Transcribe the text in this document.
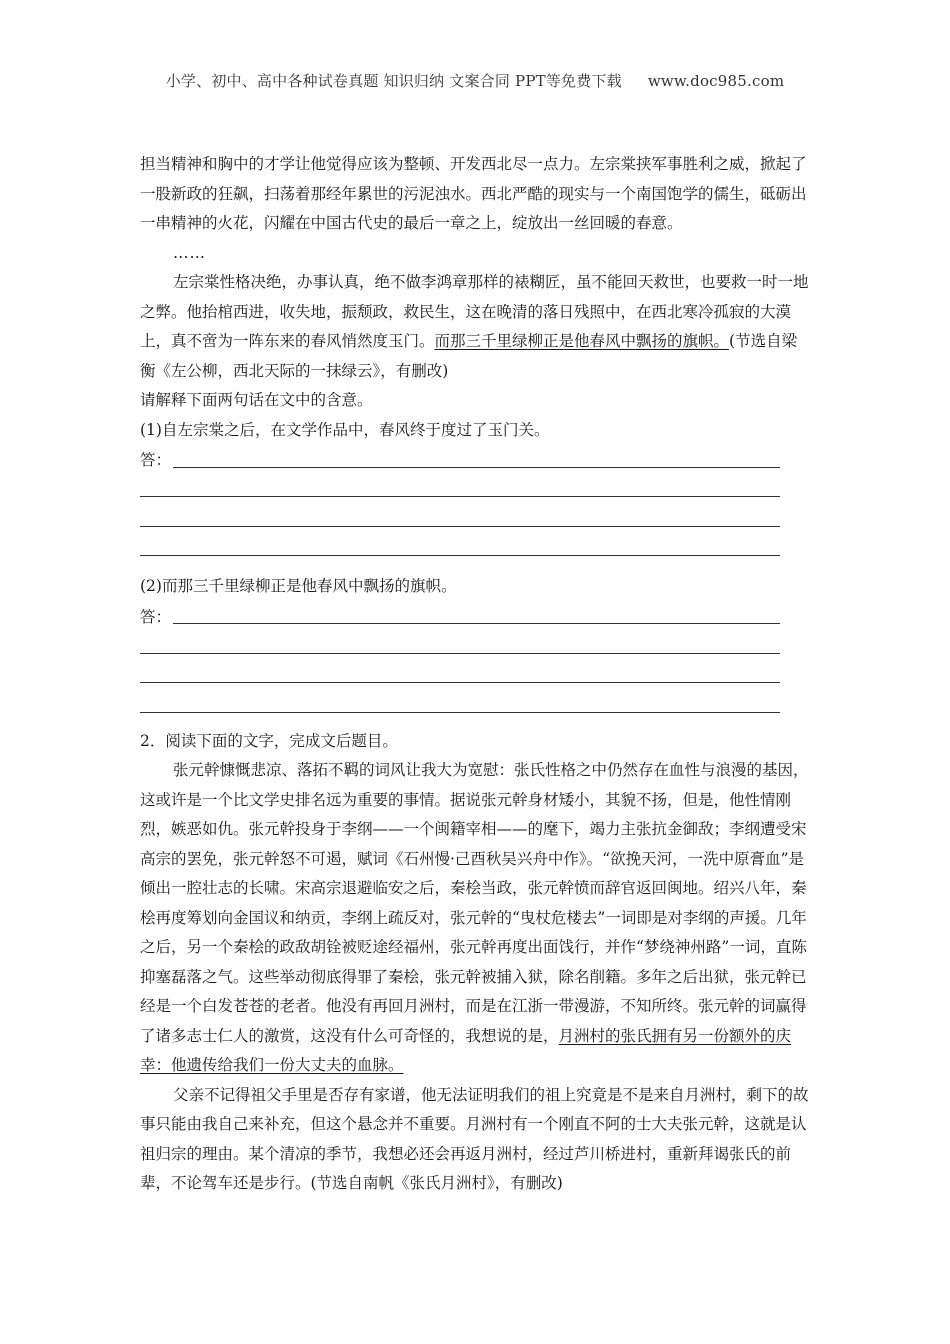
小学、初中、高中各种试卷真题 知识归纳 文案合同 PPT等免费下载 www.doc985.com

担当精神和胸中的才学让他觉得应该为整顿、开发西北尽一点力。左宗棠挟军事胜利之威，掀起了一股新政的狂飙，扫荡着那经年累世的污泥浊水。西北严酷的现实与一个南国饱学的儒生，砥砺出一串精神的火花，闪耀在中国古代史的最后一章之上，绽放出一丝回暖的春意。

……

左宗棠性格决绝，办事认真，绝不做李鸿章那样的裱糊匠，虽不能回天救世，也要救一时一地之弊。他抬棺西进，收失地，振颓政，救民生，这在晚清的落日残照中，在西北寒冷孤寂的大漠上，真不啻为一阵东来的春风悄然度玉门。而那三千里绿柳正是他春风中飘扬的旗帜。(节选自梁衡《左公柳，西北天际的一抹绿云》，有删改)

请解释下面两句话在文中的含意。

(1)自左宗棠之后，在文学作品中，春风终于度过了玉门关。

答：

(2)而那三千里绿柳正是他春风中飘扬的旗帜。

答：

2．阅读下面的文字，完成文后题目。

张元幹慷慨悲凉、落拓不羁的词风让我大为宽慰：张氏性格之中仍然存在血性与浪漫的基因，这或许是一个比文学史排名远为重要的事情。据说张元幹身材矮小，其貌不扬，但是，他性情刚烈，嫉恶如仇。张元幹投身于李纲——一个闽籍宰相——的麾下，竭力主张抗金御敌；李纲遭受宋高宗的罢免，张元幹怒不可遏，赋词《石州慢·己酉秋吴兴舟中作》。“欲挽天河，一洗中原膏血”是倾出一腔壮志的长啸。宋高宗退避临安之后，秦桧当政，张元幹愤而辞官返回闽地。绍兴八年，秦桧再度筹划向金国议和纳贡，李纲上疏反对，张元幹的“曳杖危楼去”一词即是对李纲的声援。几年之后，另一个秦桧的政敌胡铨被贬途经福州，张元幹再度出面饯行，并作“梦绕神州路”一词，直陈抑塞磊落之气。这些举动彻底得罪了秦桧，张元幹被捕入狱，除名削籍。多年之后出狱，张元幹已经是一个白发苍苍的老者。他没有再回月洲村，而是在江浙一带漫游，不知所终。张元幹的词赢得了诸多志士仁人的激赏，这没有什么可奇怪的，我想说的是，月洲村的张氏拥有另一份额外的庆幸：他遗传给我们一份大丈夫的血脉。

父亲不记得祖父手里是否存有家谱，他无法证明我们的祖上究竟是不是来自月洲村，剩下的故事只能由我自己来补充，但这个悬念并不重要。月洲村有一个刚直不阿的士大夫张元幹，这就是认祖归宗的理由。某个清凉的季节，我想必还会再返月洲村，经过芦川桥进村，重新拜谒张氏的前辈，不论驾车还是步行。(节选自南帆《张氏月洲村》，有删改)
